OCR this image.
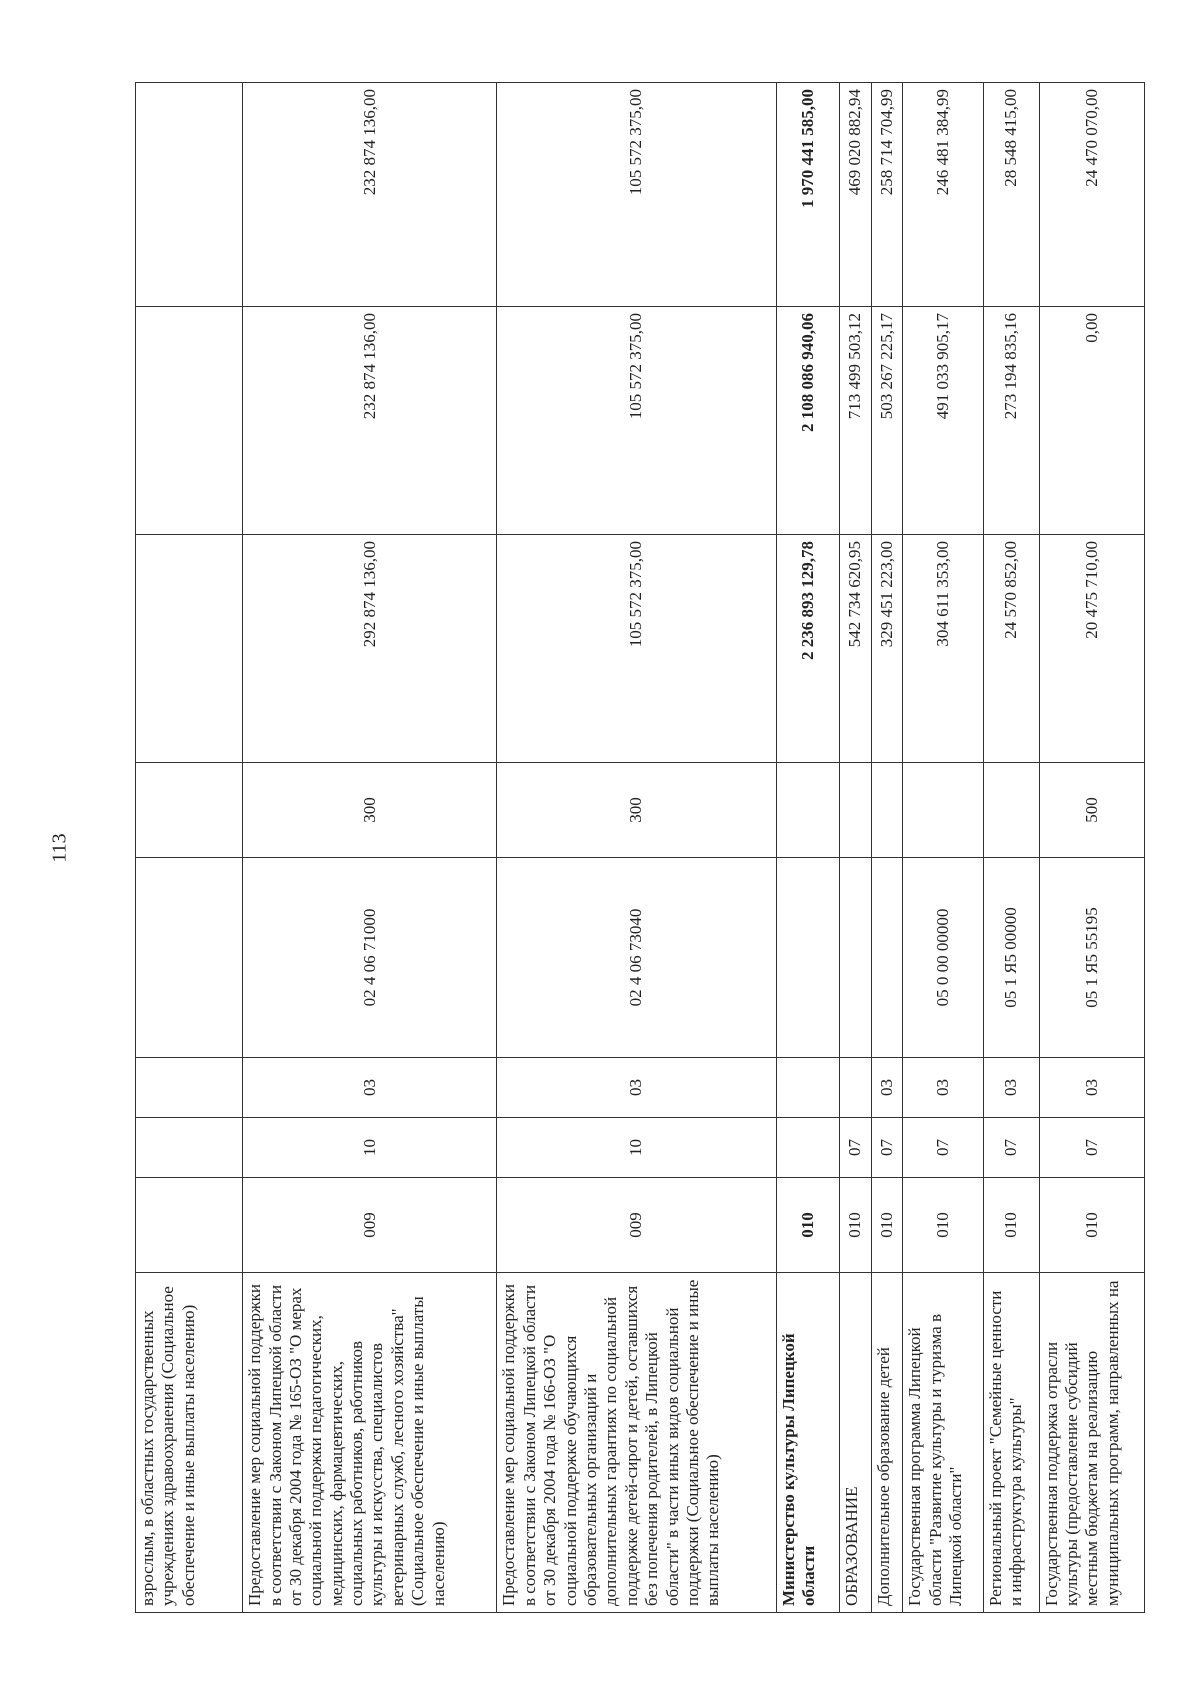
113
взрослым, в областных государственных учреждениях здравоохранения (Социальное обеспечение и иные выплаты населению)								
Предоставление мер социальной поддержки в соответствии с Законом Липецкой области от 30 декабря 2004 года № 165-ОЗ "О мерах социальной поддержки педагогических, медицинских, фармацевтических, социальных работников, работников культуры и искусства, специалистов ветеринарных служб, лесного хозяйства" (Социальное обеспечение и иные выплаты населению)	009	10	03	02 4 06 71000	300	292 874 136,00	232 874 136,00	232 874 136,00
Предоставление мер социальной поддержки в соответствии с Законом Липецкой области от 30 декабря 2004 года № 166-ОЗ "О социальной поддержке обучающихся образовательных организаций и дополнительных гарантиях по социальной поддержке детей-сирот и детей, оставшихся без попечения родителей, в Липецкой области" в части иных видов социальной поддержки (Социальное обеспечение и иные выплаты населению)	009	10	03	02 4 06 73040	300	105 572 375,00	105 572 375,00	105 572 375,00
Министерство культуры Липецкой области	010					2 236 893 129,78	2 108 086 940,06	1 970 441 585,00
ОБРАЗОВАНИЕ	010	07				542 734 620,95	713 499 503,12	469 020 882,94
Дополнительное образование детей	010	07	03			329 451 223,00	503 267 225,17	258 714 704,99
Государственная программа Липецкой области "Развитие культуры и туризма в Липецкой области"	010	07	03	05 0 00 00000		304 611 353,00	491 033 905,17	246 481 384,99
Региональный проект "Семейные ценности и инфраструктура культуры"	010	07	03	05 1 Я5 00000		24 570 852,00	273 194 835,16	28 548 415,00
Государственная поддержка отрасли культуры (предоставление субсидий местным бюджетам на реализацию муниципальных программ, направленных на	010	07	03	05 1 Я5 55195	500	20 475 710,00	0,00	24 470 070,00
